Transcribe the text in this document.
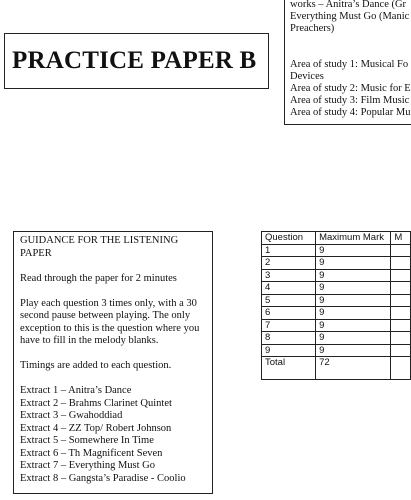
PRACTICE PAPER B
works – Anitra’s Dance (Gr
Everything Must Go (Manic
Preachers)
Area of study 1: Musical Fo
Devices
Area of study 2: Music for E
Area of study 3: Film Music
Area of study 4: Popular Mu

GUIDANCE FOR THE LISTENING PAPER

Read through the paper for 2 minutes

Play each question 3 times only, with a 30 second pause between playing. The only exception to this is the question where you have to fill in the melody blanks.

Timings are added to each question.

Extract 1 – Anitra’s Dance
Extract 2 – Brahms Clarinet Quintet
Extract 3 – Gwahoddiad
Extract 4 – ZZ Top/ Robert Johnson
Extract 5 – Somewhere In Time
Extract 6 – Th Magnificent Seven
Extract 7 – Everything Must Go
Extract 8 – Gangsta’s Paradise - Coolio
Question	Maximum Mark	M
1	9	
2	9	
3	9	
4	9	
5	9	
6	9	
7	9	
8	9	
9	9	
Total	72	
